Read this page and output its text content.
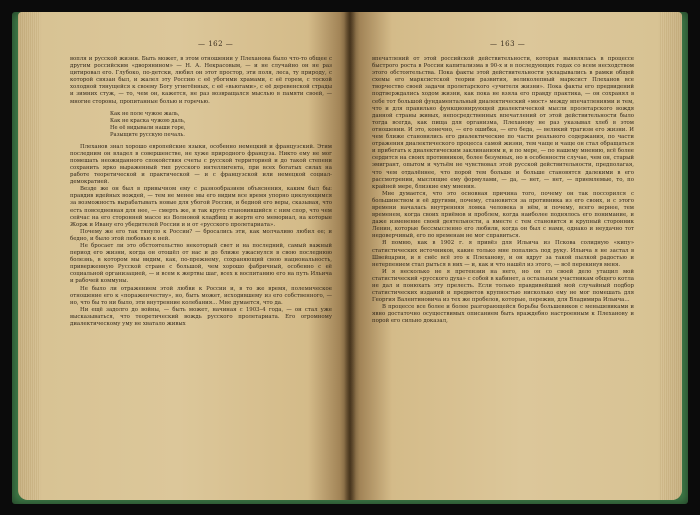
— 162 —

вопля и русской жизни. Быть может, в этом отношении у Плеханова было что-то общее с другим российским «дворянином» — Н. А. Некрасовым, — и не случайно он не раз цитировал его. Глубоко, по-детски, любил он этот простор, эти поля, леса, ту природу, с которой связан был, и жалел эту Россию с её убогими храмами, с её горем, с тоской холодной тянущейся к своему Богу угнетённых, с её «вьюгами», с её деревенской страды и зимних стуж, — то, чем он, кажется, не раз возвращался мыслью в памяти своей, — многие стороны, пропитанные болью и горечью.

Как не поле чужое жаль,
Как не краска чужою даль,
Не её видывали наши горе,
Разыщите русскую печаль.

Плеханов знал хорошо европейские языки, особенно немецкий и французский. Этим последним он владел в совершенстве, не хуже природного француза. Никто ему не мог помешать неожиданного спокойствия счеты с русской территорией и до такой степени сохранить ярко выраженный тип русского интеллигента, при всех богатых силах на работе теоретической и практической — и с французской или немецкой социал-демократией.

Везде же он был в привычном ему с разнообразием объяснения, каким был бы: правдив идейных вождей, — тем не менее мы его видим все время упорно циклующимся за возможность вырабатывать новые для убогой России, и бедной его веры, сказывая, что есть повседневная для нее, — смерть же, и так круто становившийся с ним спор, что чем сейчас на его сторонней массе из Волновой кладбищ и жертв его мемориал, на которые Жорж и Ивану его убедителей России и и от «русского пролетариата».

Почему же его так тянуло к России? — бросались эти, как молчаливо любил ее; и бедно, и было этой любовью к ней.

Не бросает ли это обстоятельство некоторый свет и на последний, самый важный период его жизни, когда он отошёл от нас и до ближе ужаснулся в свою последнюю болезнь, в котором мы видим, как, по-прежнему, сохраняющий свою национальность, приверженную Русской стране с большой, чем хорошо фабричный, особенно с её социальной организацией, — и всем к жертвы шаг, всех к воспитанию его на путь Ильича и рабочей коммуны.

Не было ли отражением этой любви к России и, в то же время, полемическое отношение его к «пораженчеству», но, быть может, исходившему из его собственного, — но, что бы то ни было, эти внутренние колебания... Мне думается, что да.

Ни ещё задолго до войны, — быть может, начиная с 1903–4 года, — он стал уже высказываться, что теоретический вождь русского пролетариата. Его огромному диалектическому уму не хватало живых

— 163 —

впечатлений от этой российской действительности, которая выявлялась в процессе быстрого роста в России капитализма в 90-х и в последующих годах со всем несходством этого обстоятельства. Пока факты этой действительности укладывались в рамки общей схемы его марксистской теории развития, великолепный марксист Плеханов все творчество своей задачи пролетарского «учителя жизни». Пока факты его предвидений подтверждались ходом жизни, как пока не взяла его правду практика, — он сохранял в себе тот большой фундаментальный диалектический «мост» между впечатлениями и тем, что и для правильно функционирующей диалектической мысли пролетарского вождя данной страны живых, непосредственных впечатлений от этой действительности было тогда всегда, как пища для организма, Плеханову не раз указывал хлеб в этом отношении. И это, конечно, — его ошибка, — его беда, — великий трагизм его жизни. И чем ближе становились его диалектические по части реального содержания, по части отражения диалектического процесса самой жизни, тем чаще и чаще он стал обращаться и прибегать к диалектическим заклинаниям и, и по мере, — по нашему мнению, всё более сердится на своих противников, более безумных, но в особенности случае, чем он, старый эмигрант, опытом и чутьём не чувствовал этой русской действительности, предполагая, что чем отдалённее, что порой тем больше и больше становятся далекими в его рассмотрении, мыслящие ему формулами, — да, — нет, — нет, — приемлемые, то, по крайней мере, близкие ему мнения.

Мне думается, что это основная причина того, почему он так поссорился с большинством и её другими, почему, становится за противника из его своих, и с этого времени началась внутренняя ломка человека в нём, и почему, всего вернее, тем временем, когда своих приёмов и проблем, когда наиболее поднялось его понимание, и даже изменение своей деятельности, а вместе с тем становится и крупный сторонник Ленин, которые бессмысленно его любили, когда он был с нами, однако и неудачно тот недоверчивый, его по временам не мог справиться.

Я помню, как в 1902 г. я привёз для Ильича из Пскова солидную «кипу» статистических источников, какие только мне попались под руку. Ильича я не застал в Швейцарии, и я снёс всё это к Плеханову, и он вдруг за такой пылкой радостью и нетерпением стал рыться в них — и, как и что нашёл из этого, — всё перекинув меня.

И я несколько не я претензии на него, но он со своей дело утащил мой статистический «русского духа» с собой в кабинет, а остальным участникам общего котла не дал и понюхать эту прелесть. Если только правдивейший мой случайный подбор статистических изданий и предметов крупностью нисколько ему не мог помешать для Георгия Валентиновича из тех же пробелов, которые, пережив, для Владимира Ильича...

В процессе все более и более разгорающейся борьбы большевиков с меньшевиками и явно достаточно осуществимых описанием быть враждебно настроенным к Плеханову и порой его сильно доказал,
